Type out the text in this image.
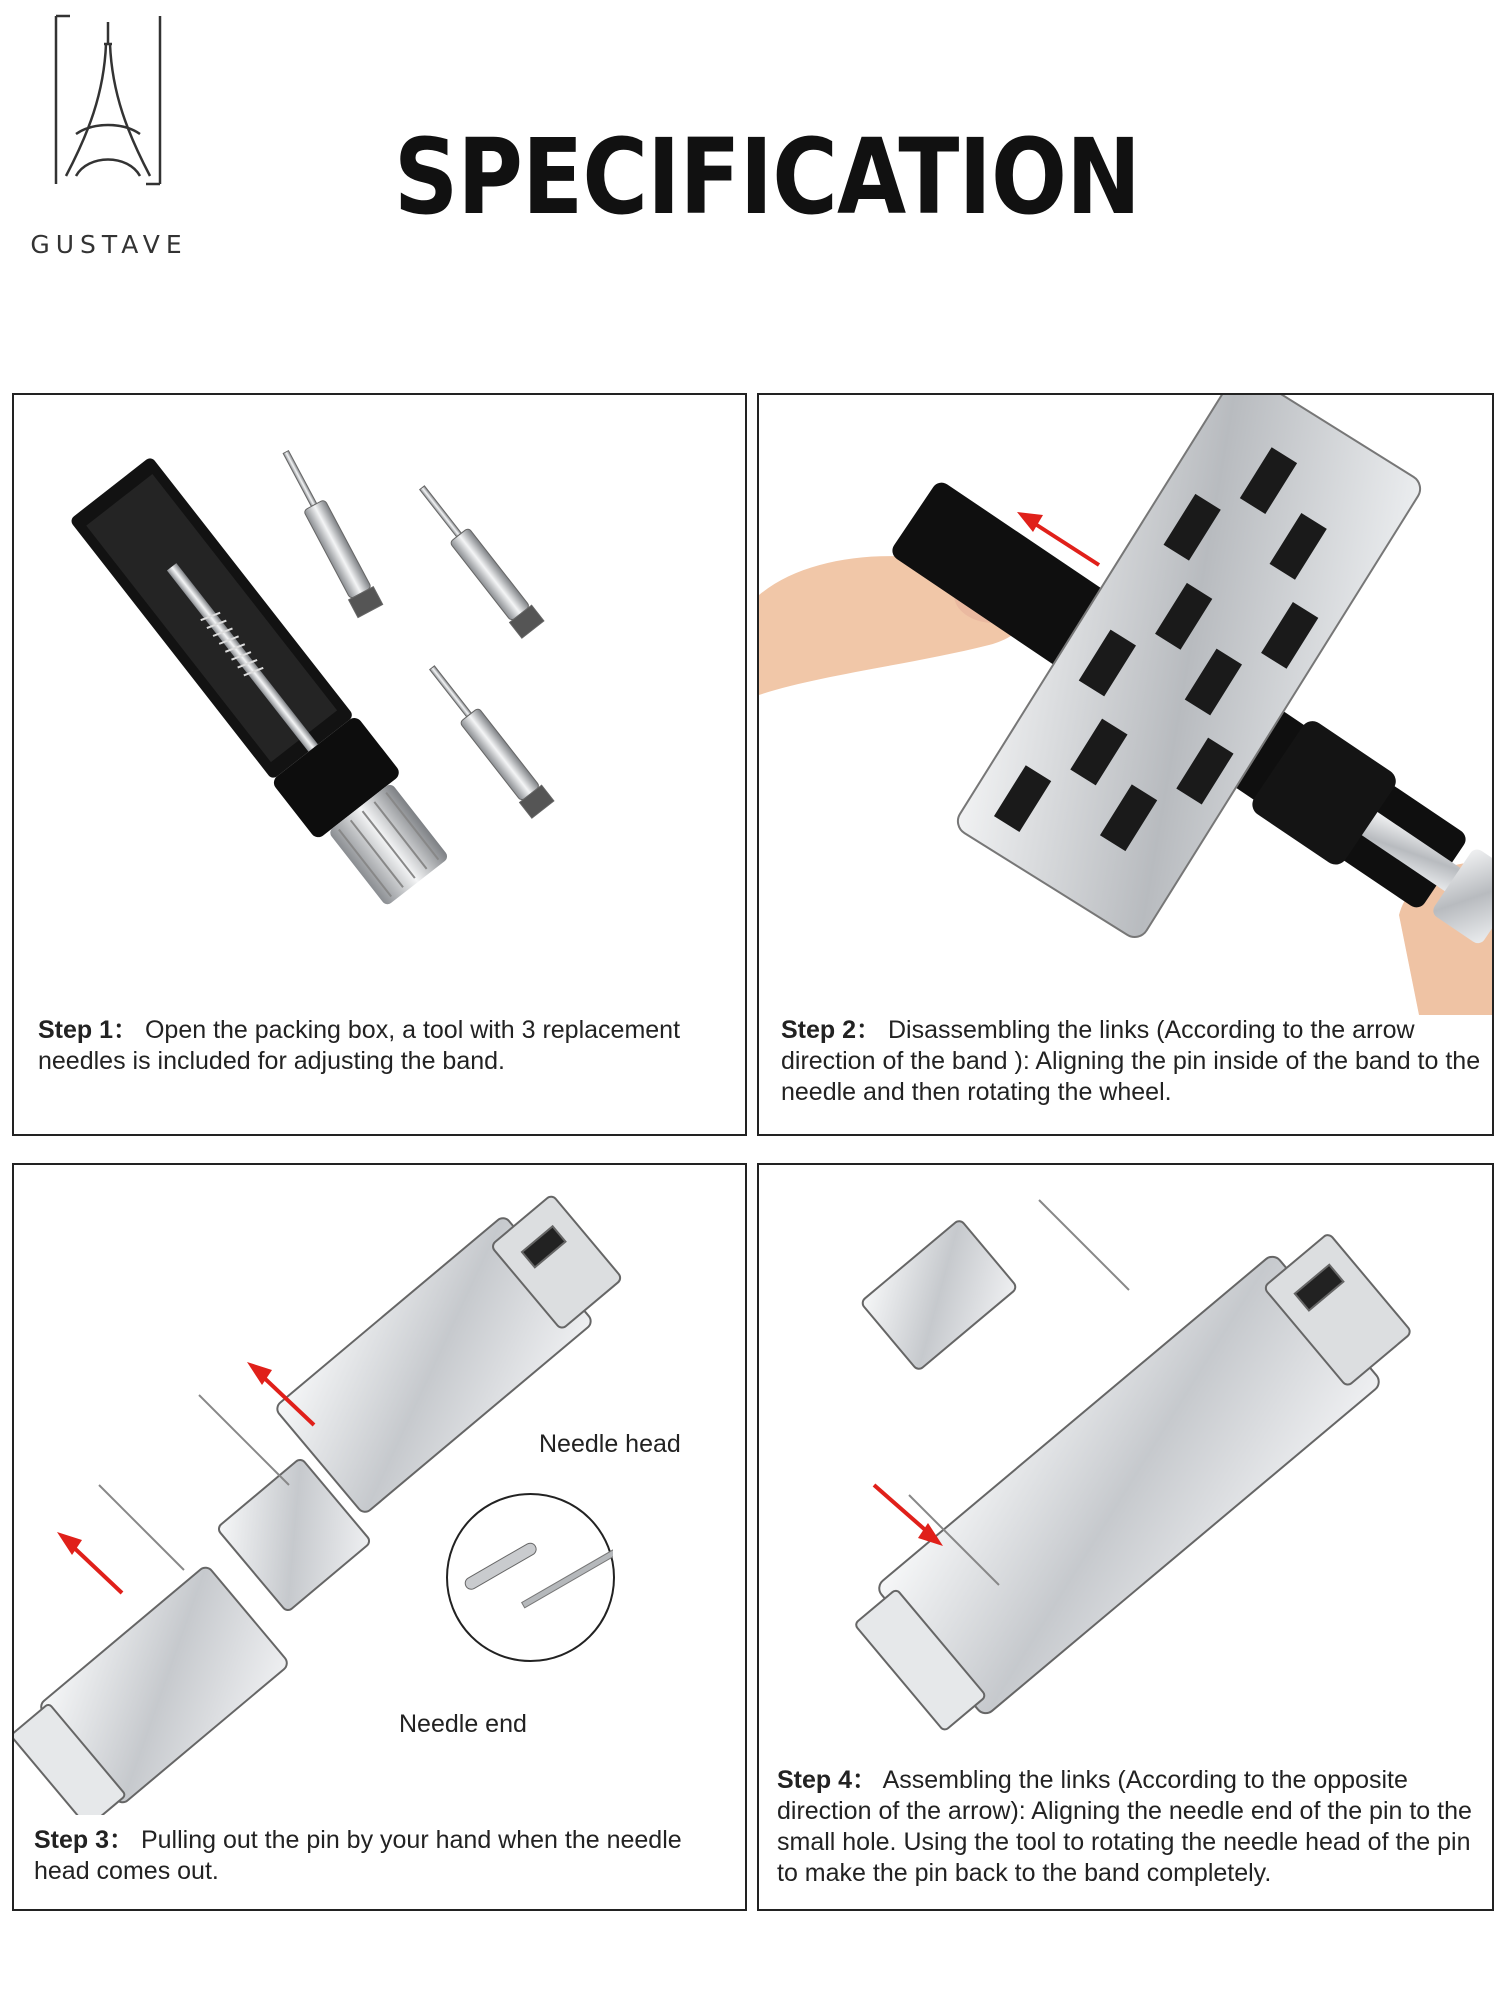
GUSTAVE
SPECIFICATION
Step 1： Open the packing box, a tool with 3 replacement needles is included for adjusting the band.
Step 2： Disassembling the links (According to the arrow direction of the band ): Aligning the pin inside of the band to the needle and then rotating the wheel.
Needle head
Needle end
Step 3： Pulling out the pin by your hand when the needle head comes out.
Step 4： Assembling the links (According to the opposite direction of the arrow): Aligning the needle end of the pin to the small hole. Using the tool to rotating the needle head of the pin to make the pin back to the band completely.
